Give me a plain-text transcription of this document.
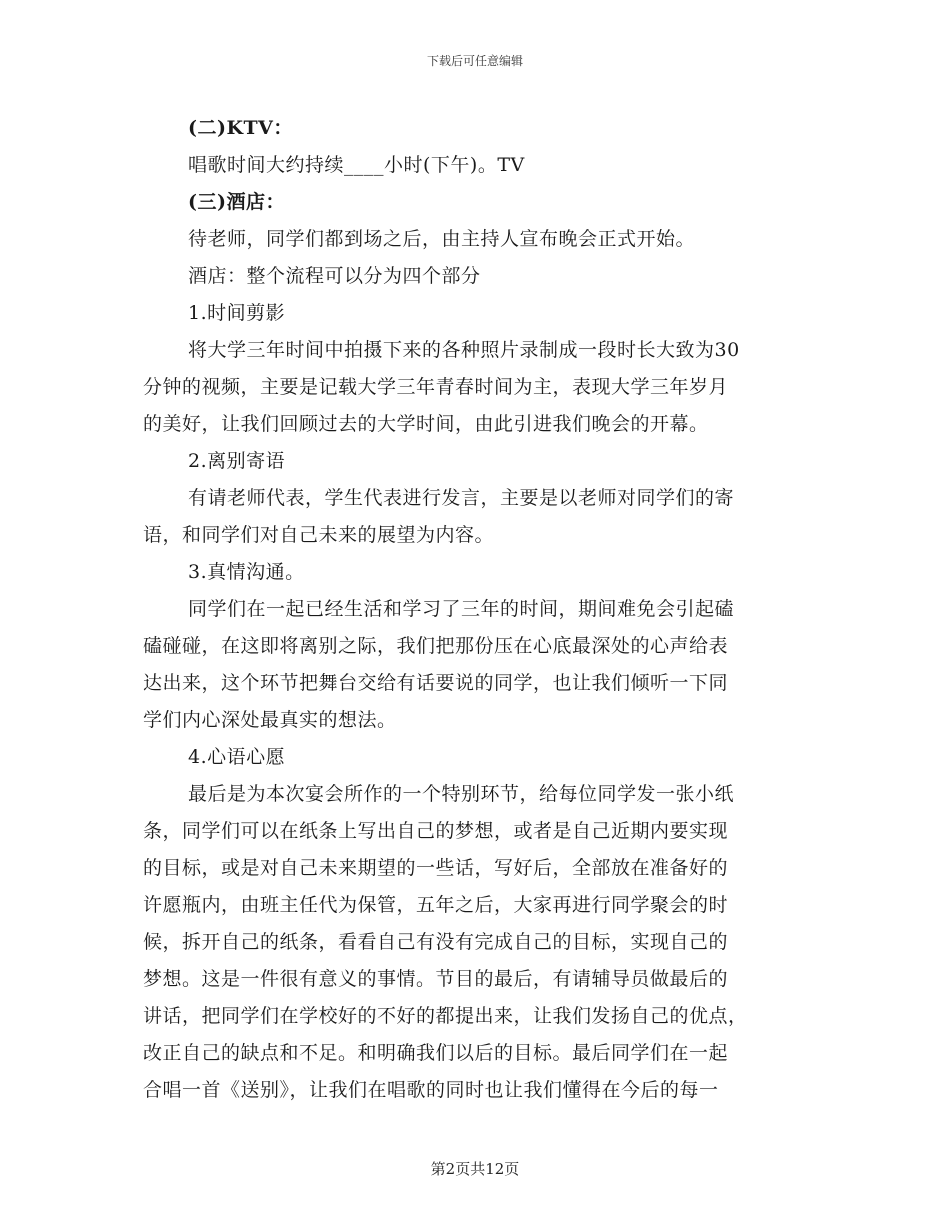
下载后可任意编辑
(二)KTV：
唱歌时间大约持续____小时(下午)。TV
(三)酒店：
待老师，同学们都到场之后，由主持人宣布晚会正式开始。
酒店：整个流程可以分为四个部分
1.时间剪影
将大学三年时间中拍摄下来的各种照片录制成一段时长大致为30
分钟的视频，主要是记载大学三年青春时间为主，表现大学三年岁月
的美好，让我们回顾过去的大学时间，由此引进我们晚会的开幕。
2.离别寄语
有请老师代表，学生代表进行发言，主要是以老师对同学们的寄
语，和同学们对自己未来的展望为内容。
3.真情沟通。
同学们在一起已经生活和学习了三年的时间，期间难免会引起磕
磕碰碰，在这即将离别之际，我们把那份压在心底最深处的心声给表
达出来，这个环节把舞台交给有话要说的同学，也让我们倾听一下同
学们内心深处最真实的想法。
4.心语心愿
最后是为本次宴会所作的一个特别环节，给每位同学发一张小纸
条，同学们可以在纸条上写出自己的梦想，或者是自己近期内要实现
的目标，或是对自己未来期望的一些话，写好后，全部放在准备好的
许愿瓶内，由班主任代为保管，五年之后，大家再进行同学聚会的时
候，拆开自己的纸条，看看自己有没有完成自己的目标，实现自己的
梦想。这是一件很有意义的事情。节目的最后，有请辅导员做最后的
讲话，把同学们在学校好的不好的都提出来，让我们发扬自己的优点，
改正自己的缺点和不足。和明确我们以后的目标。最后同学们在一起
合唱一首《送别》，让我们在唱歌的同时也让我们懂得在今后的每一
第2页共12页
